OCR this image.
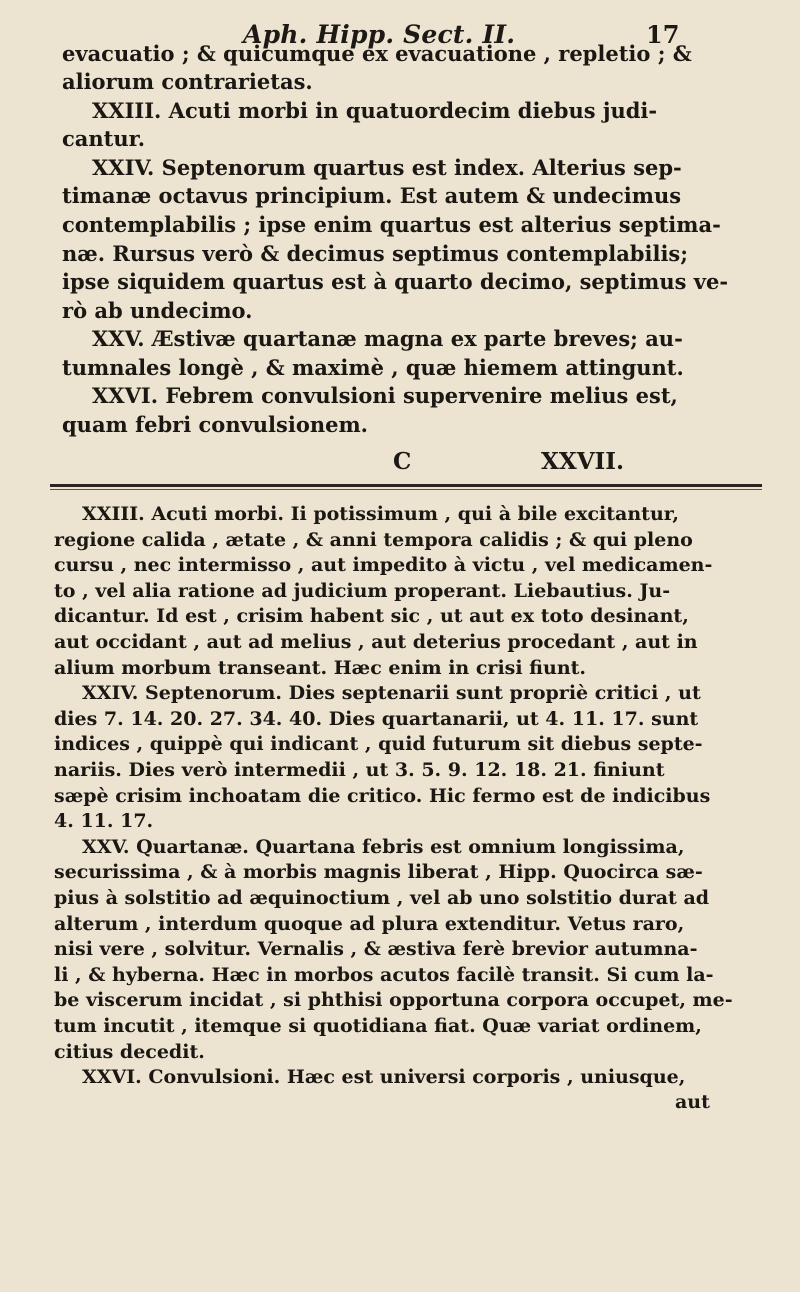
Aph. Hipp. Sect. II.	17
evacuatio ; & quicumque ex evacuatione , repletio ; &
aliorum contrarietas.
XXIII. Acuti morbi in quatuordecim diebus judi-
cantur.
XXIV. Septenorum quartus est index. Alterius sep-
timanæ octavus principium. Est autem & undecimus
contemplabilis ; ipse enim quartus est alterius septima-
næ. Rursus verò & decimus septimus contemplabilis;
ipse siquidem quartus est à quarto decimo, septimus ve-
rò ab undecimo.
XXV. Æstivæ quartanæ magna ex parte breves; au-
tumnales longè , & maximè , quæ hiemem attingunt.
XXVI. Febrem convulsioni supervenire melius est,
quam febri convulsionem.
C	XXVII.
XXIII. Acuti morbi. Ii potissimum , qui à bile excitantur,
regione calida , ætate , & anni tempora calidis ; & qui pleno
cursu , nec intermisso , aut impedito à victu , vel medicamen-
to , vel alia ratione ad judicium properant. Liebautius. Ju-
dicantur. Id est , crisim habent sic , ut aut ex toto desinant,
aut occidant , aut ad melius , aut deterius procedant , aut in
alium morbum transeant. Hæc enim in crisi fiunt.
XXIV. Septenorum. Dies septenarii sunt propriè critici , ut
dies 7. 14. 20. 27. 34. 40. Dies quartanarii, ut 4. 11. 17. sunt
indices , quippè qui indicant , quid futurum sit diebus septe-
nariis. Dies verò intermedii , ut 3. 5. 9. 12. 18. 21. finiunt
sæpè crisim inchoatam die critico. Hic fermo est de indicibus
4. 11. 17.
XXV. Quartanæ. Quartana febris est omnium longissima,
securissima , & à morbis magnis liberat , Hipp. Quocirca sæ-
pius à solstitio ad æquinoctium , vel ab uno solstitio durat ad
alterum , interdum quoque ad plura extenditur. Vetus raro,
nisi vere , solvitur. Vernalis , & æstiva ferè brevior autumna-
li , & hyberna. Hæc in morbos acutos facilè transit. Si cum la-
be viscerum incidat , si phthisi opportuna corpora occupet, me-
tum incutit , itemque si quotidiana fiat. Quæ variat ordinem,
citius decedit.
XXVI. Convulsioni. Hæc est universi corporis , uniusque,
aut
